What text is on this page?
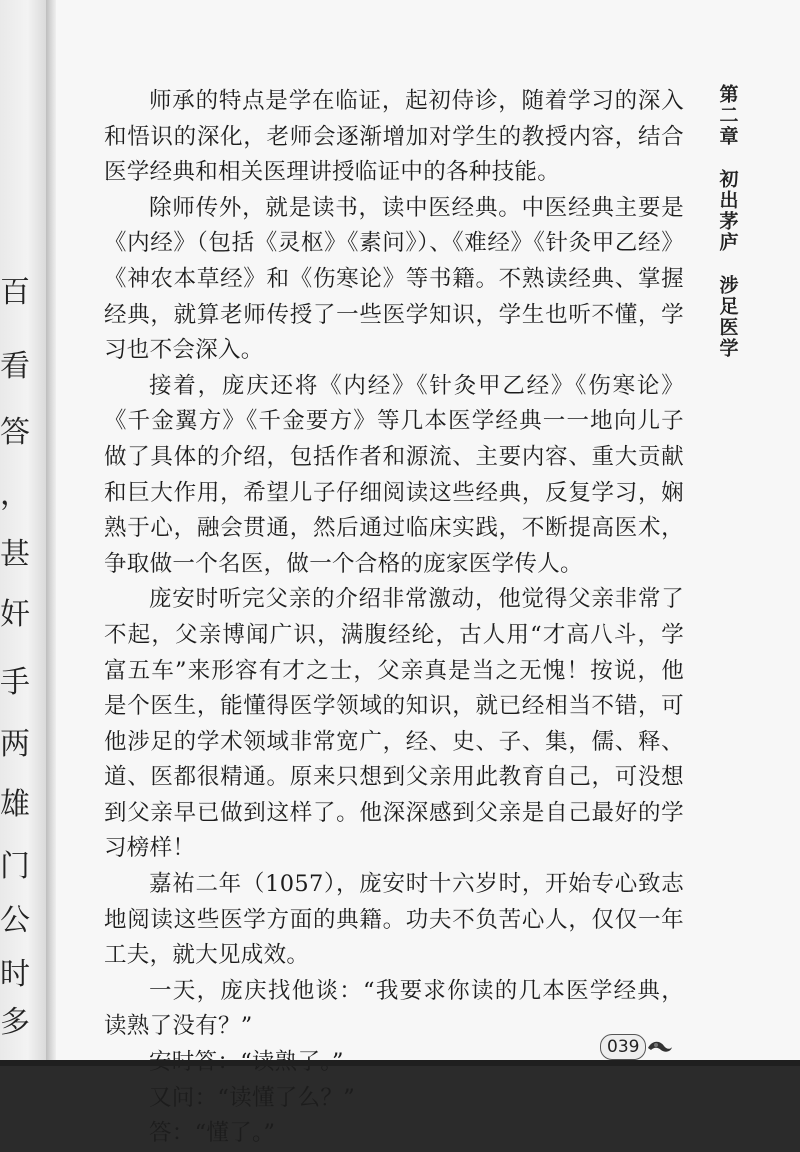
百
看
答
，
甚
奸
手
两
雄
门
公
时
多

师承的特点是学在临证，起初侍诊，随着学习的深入和悟识的深化，老师会逐渐增加对学生的教授内容，结合医学经典和相关医理讲授临证中的各种技能。

除师传外，就是读书，读中医经典。中医经典主要是《内经》（包括《灵枢》《素问》）、《难经》《针灸甲乙经》《神农本草经》和《伤寒论》等书籍。不熟读经典、掌握经典，就算老师传授了一些医学知识，学生也听不懂，学习也不会深入。

接着，庞庆还将《内经》《针灸甲乙经》《伤寒论》《千金翼方》《千金要方》等几本医学经典一一地向儿子做了具体的介绍，包括作者和源流、主要内容、重大贡献和巨大作用，希望儿子仔细阅读这些经典，反复学习，娴熟于心，融会贯通，然后通过临床实践，不断提高医术，争取做一个名医，做一个合格的庞家医学传人。

庞安时听完父亲的介绍非常激动，他觉得父亲非常了不起，父亲博闻广识，满腹经纶，古人用“才高八斗，学富五车”来形容有才之士，父亲真是当之无愧！按说，他是个医生，能懂得医学领域的知识，就已经相当不错，可他涉足的学术领域非常宽广，经、史、子、集，儒、释、道、医都很精通。原来只想到父亲用此教育自己，可没想到父亲早已做到这样了。他深深感到父亲是自己最好的学习榜样！

嘉祐二年（1057），庞安时十六岁时，开始专心致志地阅读这些医学方面的典籍。功夫不负苦心人，仅仅一年工夫，就大见成效。

一天，庞庆找他谈：“我要求你读的几本医学经典，读熟了没有？”

又问：“读懂了么？”

答：“懂了。”

第二章
初出茅庐
涉足医学
039
